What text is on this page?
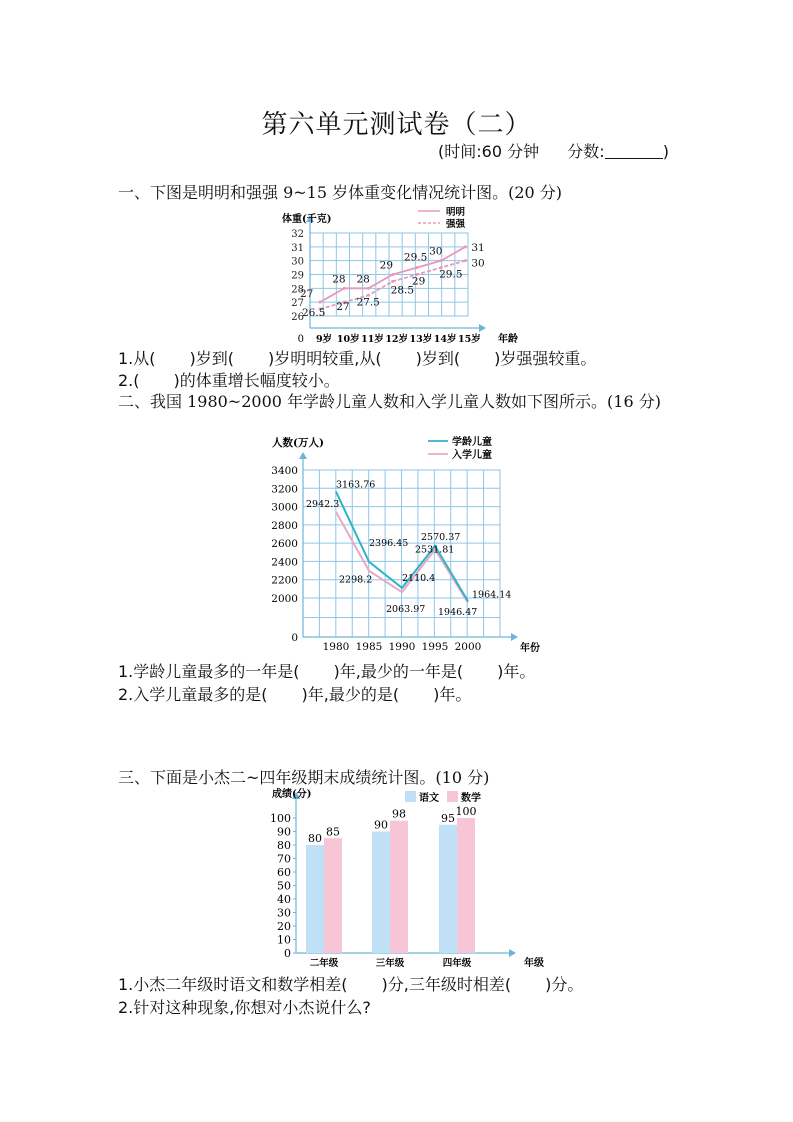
第六单元测试卷（二）
(时间:60 分钟 分数:	)
一、下图是明明和强强 9~15 岁体重变化情况统计图。(20 分)
26
27
28
29
30
31
32
0
体重(千克)
年龄
9岁 10岁 11岁 12岁 13岁 14岁 15岁
明明
强强
27
28 28
29
29.5 30	31
26.5 27 27.5
28.5
29
29.5
30
2000
2200
2400
2600
2800
3000
3200
3400
0
人数(万人)
年份
1980 1985 1990 1995 2000
学龄儿童
入学儿童
3163.76
2396.45
2110.4
2570.37
1964.14
2942.3
2298.2
2063.97
2531.81
1946.47
0
10
20
30
40
50
60
70
80
90
100
成绩(分)
年级
语文 数学
80
85
二年级
90
98
三年级
95
100
四年级
1.从( )岁到( )岁明明较重,从( )岁到( )岁强强较重。
2.( )的体重增长幅度较小。
二、我国 1980~2000 年学龄儿童人数和入学儿童人数如下图所示。(16 分)
1.学龄儿童最多的一年是( )年,最少的一年是( )年。
2.入学儿童最多的是( )年,最少的是( )年。
三、下面是小杰二~四年级期末成绩统计图。(10 分)
1.小杰二年级时语文和数学相差( )分,三年级时相差( )分。
2.针对这种现象,你想对小杰说什么?
